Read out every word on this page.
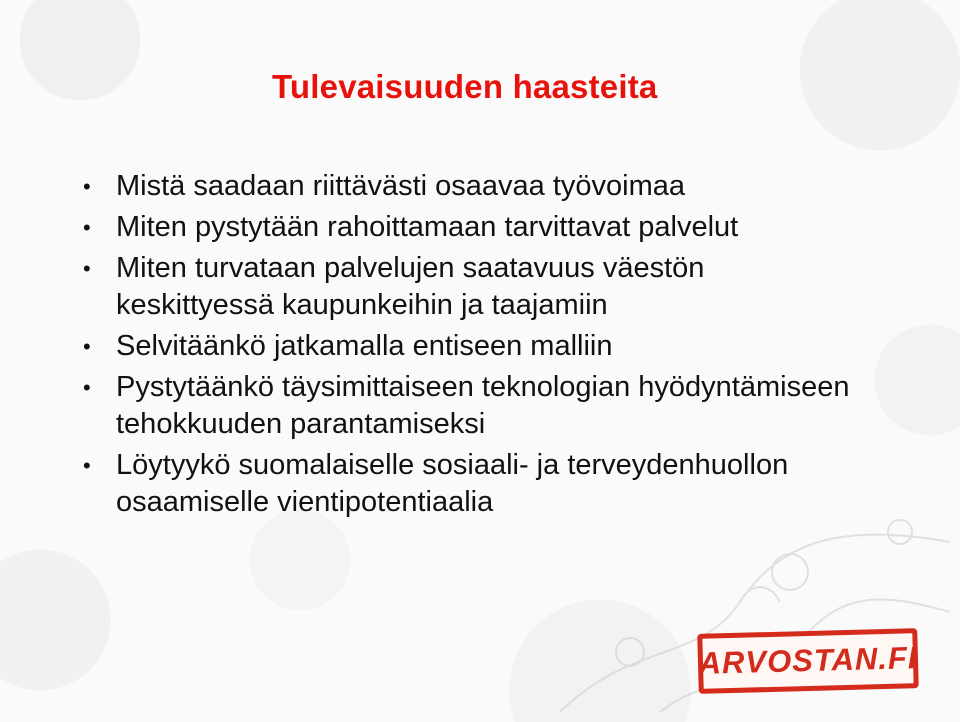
Tulevaisuuden haasteita
• Mistä saadaan riittävästi osaavaa työvoimaa
• Miten pystytään rahoittamaan tarvittavat palvelut
• Miten turvataan palvelujen saatavuus väestön
keskittyessä kaupunkeihin ja taajamiin
• Selvitäänkö jatkamalla entiseen malliin
• Pystytäänkö täysimittaiseen teknologian hyödyntämiseen
tehokkuuden parantamiseksi
• Löytyykö suomalaiselle sosiaali- ja terveydenhuollon
osaamiselle vientipotentiaalia
ARVOSTAN.FI
